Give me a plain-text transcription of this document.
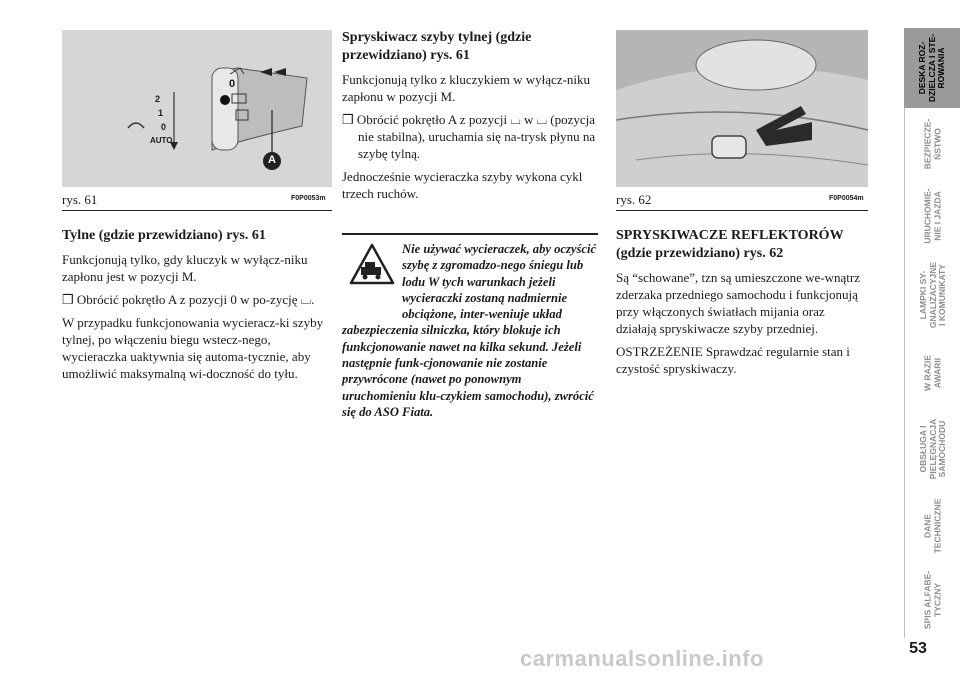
2
1
0
AUTO
0
A
rys. 61	F0P0053m

Tylne (gdzie przewidziano) rys. 61

Funkcjonują tylko, gdy kluczyk w wyłącz-niku zapłonu jest w pozycji M.

❒ Obrócić pokrętło A z pozycji 0 w po-zycję ⌴.

W przypadku funkcjonowania wycieracz-ki szyby tylnej, po włączeniu biegu wstecz-nego, wycieraczka uaktywnia się automa-tycznie, aby umożliwić maksymalną wi-doczność do tyłu.

Spryskiwacz szyby tylnej (gdzie przewidziano) rys. 61

Funkcjonują tylko z kluczykiem w wyłącz-niku zapłonu w pozycji M.

❒ Obrócić pokrętło A z pozycji ⌴ w ⌴ (pozycja nie stabilna), uruchamia się na-trysk płynu na szybę tylną.

Jednocześnie wycieraczka szyby wykona cykl trzech ruchów.

Nie używać wycieraczek, aby oczyścić szybę z zgromadzo-nego śniegu lub lodu W tych warunkach jeżeli wycieraczki zostaną nadmiernie obciążone, inter-weniuje układ zabezpieczenia silniczka, który blokuje ich funkcjonowanie nawet na kilka sekund. Jeżeli następnie funk-cjonowanie nie zostanie przywrócone (nawet po ponownym uruchomieniu klu-czykiem samochodu), zwrócić się do ASO Fiata.
rys. 62	F0P0054m

SPRYSKIWACZE REFLEKTORÓW (gdzie przewidziano) rys. 62

Są “schowane”, tzn są umieszczone we-wnątrz zderzaka przedniego samochodu i funkcjonują przy włączonych światłach mijania oraz działają spryskiwacze szyby przedniej.

OSTRZEŻENIE Sprawdzać regularnie stan i czystość spryskiwaczy.

DESKA ROZ-
DZIELCZA I STE-
ROWANIA
BEZPIECZE-
ŃSTWO
URUCHOMIE-
NIE I JAZDA
LAMPKI SY-
GNALIZACYJNE
I KOMUNIKATY
W RAZIE
AWARII
OBSŁUGA I
PIELĘGNACJA
SAMOCHODU
DANE
TECHNICZNE
SPIS ALFABE-
TYCZNY
53
carmanualsonline.info
